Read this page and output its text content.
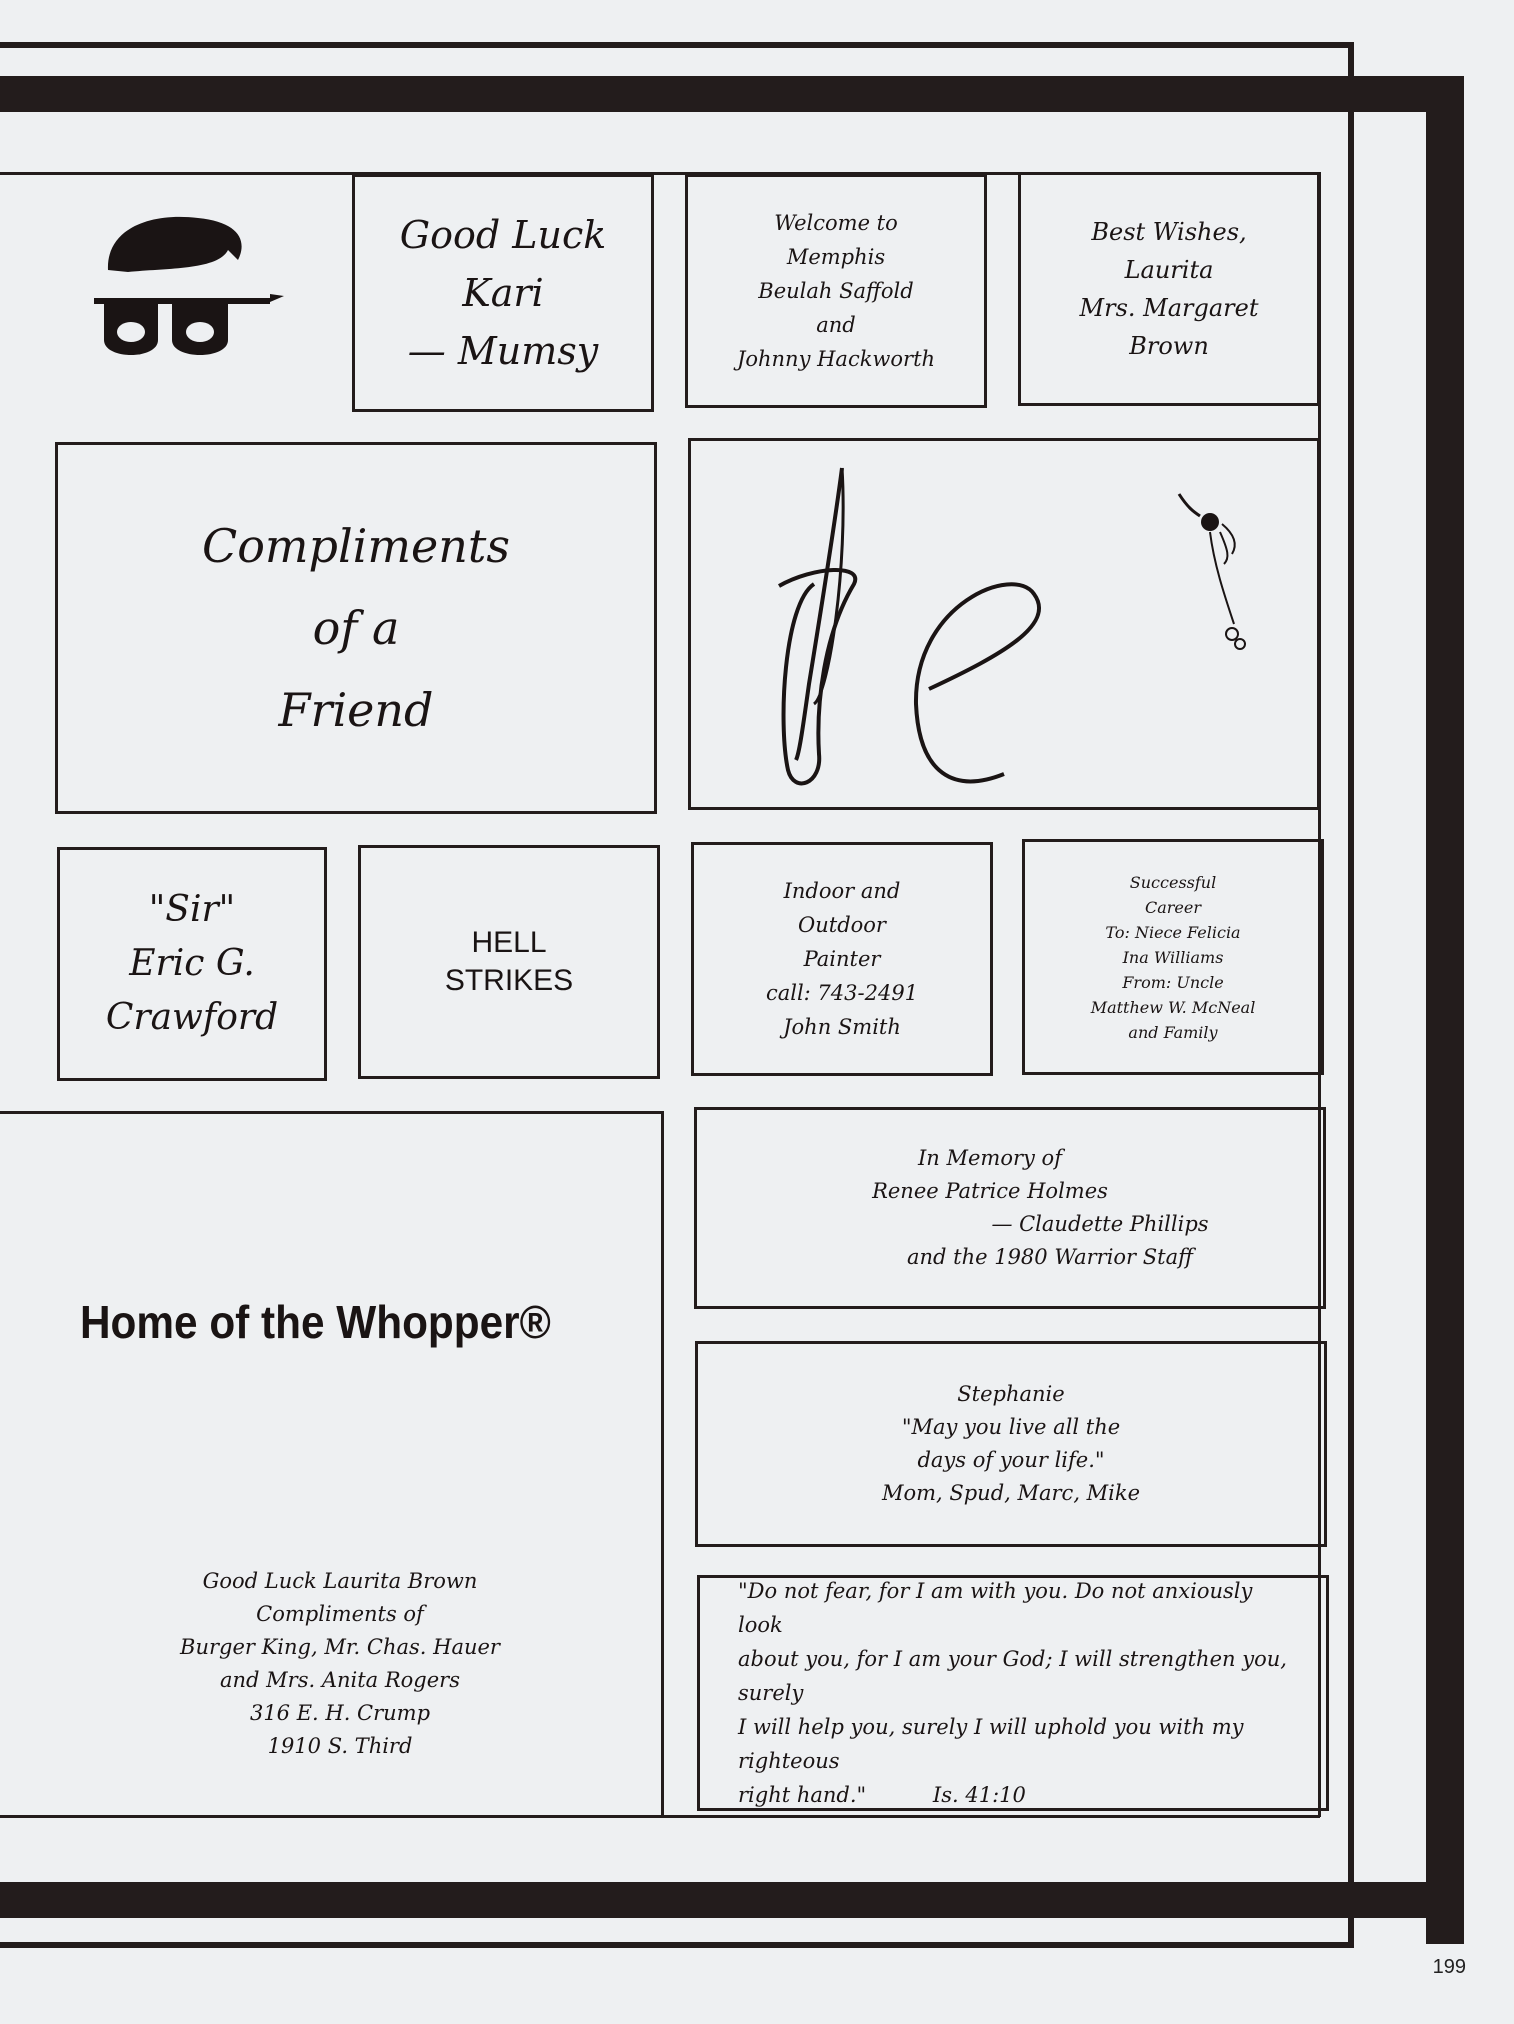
Good Luck
Kari
— Mumsy
Welcome to
Memphis
Beulah Saffold
and
Johnny Hackworth
Best Wishes,
Laurita
Mrs. Margaret
Brown
Compliments
of a
Friend
"Sir"
Eric G.
Crawford
HELL
STRIKES
Indoor and
Outdoor
Painter
call: 743-2491
John Smith
Successful
Career
To: Niece Felicia
Ina Williams
From: Uncle
Matthew W. McNeal
and Family
Home of the Whopper®
Good Luck Laurita Brown
Compliments of
Burger King, Mr. Chas. Hauer
and Mrs. Anita Rogers
316 E. H. Crump
1910 S. Third
In Memory of
Renee Patrice Holmes
— Claudette Phillips
and the 1980 Warrior Staff
Stephanie
"May you live all the
days of your life."
Mom, Spud, Marc, Mike
"Do not fear, for I am with you. Do not anxiously look
about you, for I am your God; I will strengthen you, surely
I will help you, surely I will uphold you with my righteous
right hand."          Is. 41:10
199
